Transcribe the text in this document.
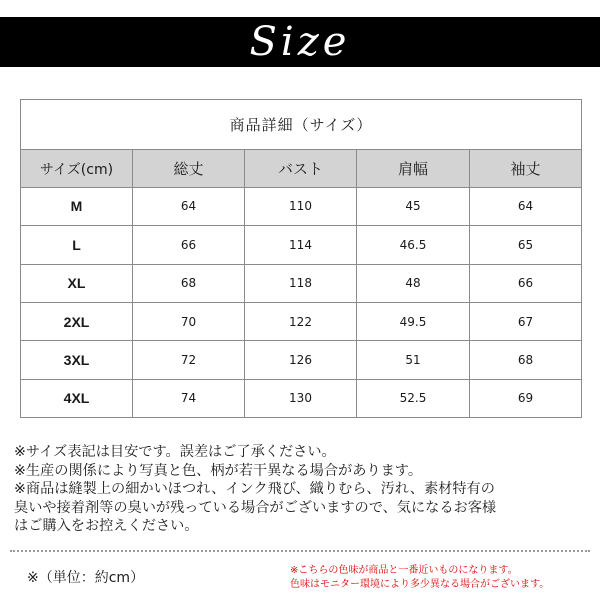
Size
商品詳細（サイズ）				
サイズ(cm)	総丈	バスト	肩幅	袖丈
M	64	110	45	64
L	66	114	46.5	65
XL	68	118	48	66
2XL	70	122	49.5	67
3XL	72	126	51	68
4XL	74	130	52.5	69

※サイズ表記は目安です。誤差はご了承ください。

※生産の関係により写真と色、柄が若干異なる場合があります。

※商品は縫製上の細かいほつれ、インク飛び、織りむら、汚れ、素材特有の

臭いや接着剤等の臭いが残っている場合がございますので、気になるお客様

はご購入をお控えください。

※（単位：約cm）	※こちらの色味が商品と一番近いものになります。

色味はモニター環境により多少異なる場合がございます。
